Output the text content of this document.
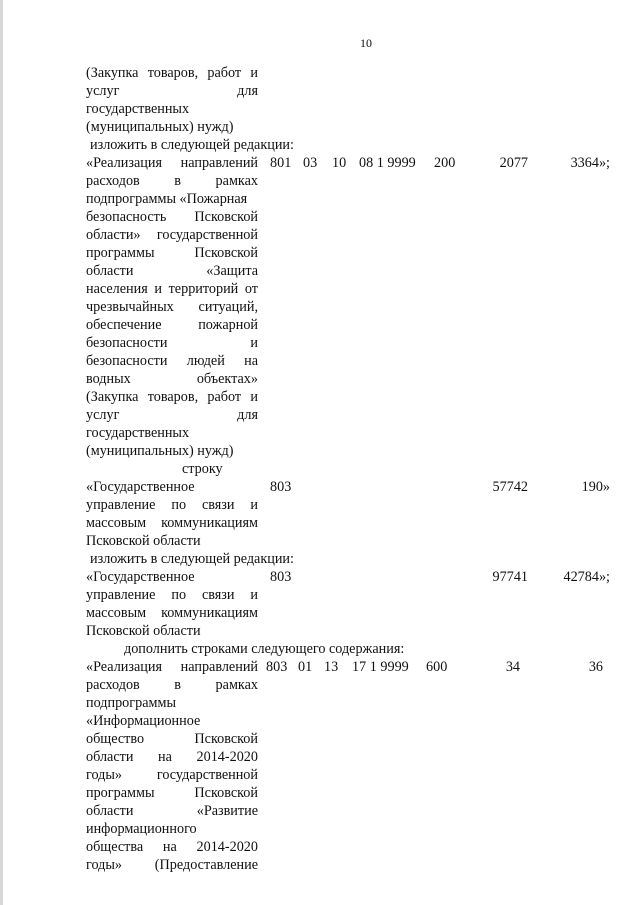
10
(Закупка товаров, работ и
услуг для
государственных
(муниципальных) нужд)
изложить в следующей редакции:
«Реализация направлений
расходов в рамках
подпрограммы «Пожарная
безопасность Псковской
области» государственной
программы Псковской
области «Защита
населения и территорий от
чрезвычайных ситуаций,
обеспечение пожарной
безопасности и
безопасности людей на
водных объектах»
(Закупка товаров, работ и
услуг для
государственных
(муниципальных) нужд)
801 03 10 08 1 9999 200	2077	3364»;
строку
«Государственное
управление по связи и
массовым коммуникациям
Псковской области
803	57742	190»
изложить в следующей редакции:
«Государственное
управление по связи и
массовым коммуникациям
Псковской области
803	97741	42784»;
дополнить строками следующего содержания:
«Реализация направлений
расходов в рамках
подпрограммы
«Информационное
общество Псковской
области на 2014-2020
годы» государственной
программы Псковской
области «Развитие
информационного
общества на 2014-2020
годы» (Предоставление
803 01 13 17 1 9999 600	34	36
